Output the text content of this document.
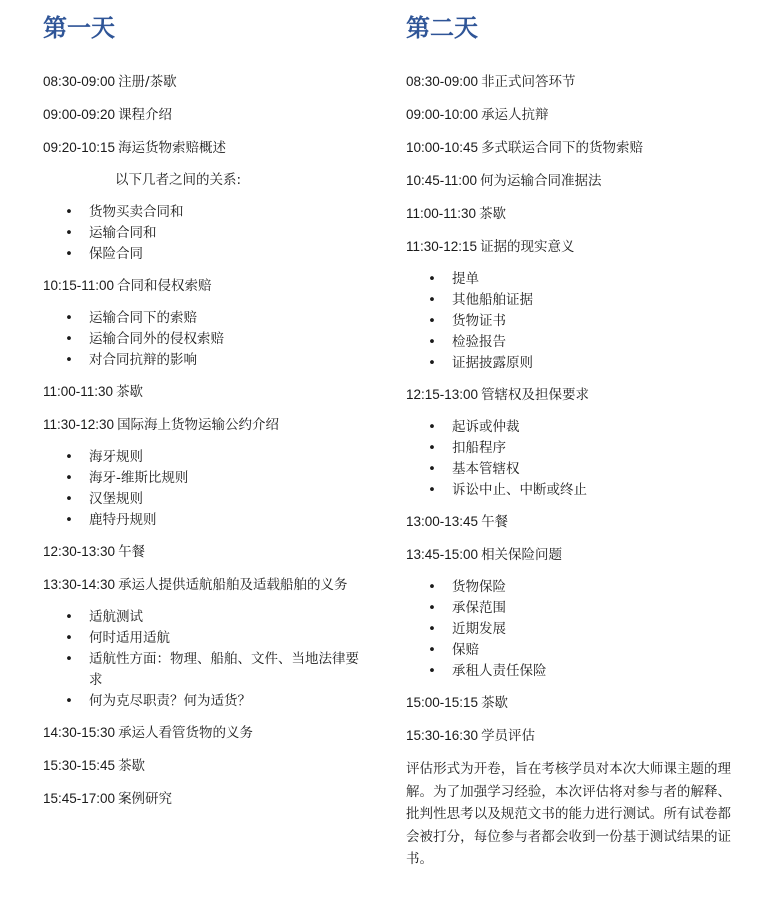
第一天
08:30-09:00 注册/茶歇
09:00-09:20 课程介绍
09:20-10:15 海运货物索赔概述
以下几者之间的关系:
• 货物买卖合同和
• 运输合同和
• 保险合同
10:15-11:00 合同和侵权索赔
• 运输合同下的索赔
• 运输合同外的侵权索赔
• 对合同抗辩的影响
11:00-11:30 茶歇
11:30-12:30 国际海上货物运输公约介绍
• 海牙规则
• 海牙-维斯比规则
• 汉堡规则
• 鹿特丹规则
12:30-13:30 午餐
13:30-14:30 承运人提供适航船舶及适载船舶的义务
• 适航测试
• 何时适用适航
• 适航性方面：物理、船舶、文件、当地法律要求
• 何为克尽职责？何为适货？
14:30-15:30 承运人看管货物的义务
15:30-15:45 茶歇
15:45-17:00 案例研究
第二天
08:30-09:00 非正式问答环节
09:00-10:00 承运人抗辩
10:00-10:45 多式联运合同下的货物索赔
10:45-11:00 何为运输合同准据法
11:00-11:30 茶歇
11:30-12:15 证据的现实意义
• 提单
• 其他船舶证据
• 货物证书
• 检验报告
• 证据披露原则
12:15-13:00 管辖权及担保要求
• 起诉或仲裁
• 扣船程序
• 基本管辖权
• 诉讼中止、中断或终止
13:00-13:45 午餐
13:45-15:00 相关保险问题
• 货物保险
• 承保范围
• 近期发展
• 保赔
• 承租人责任保险
15:00-15:15 茶歇
15:30-16:30 学员评估

评估形式为开卷，旨在考核学员对本次大师课主题的理解。为了加强学习经验，本次评估将对参与者的解释、批判性思考以及规范文书的能力进行测试。所有试卷都会被打分，每位参与者都会收到一份基于测试结果的证书。
